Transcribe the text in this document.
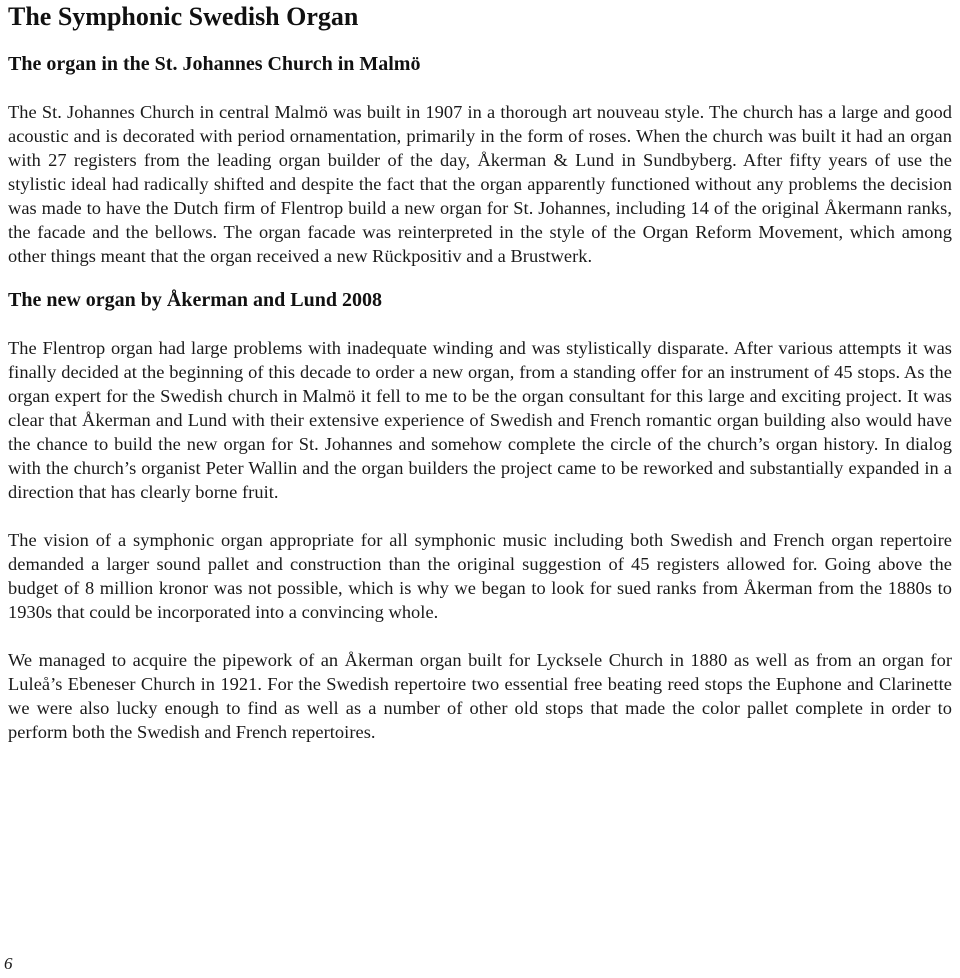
The Symphonic Swedish Organ
The organ in the St. Johannes Church in Malmö

The St. Johannes Church in central Malmö was built in 1907 in a thorough art nouveau style. The church has a large and good acoustic and is decorated with period ornamentation, primarily in the form of roses. When the church was built it had an organ with 27 registers from the leading organ builder of the day, Åkerman & Lund in Sundbyberg. After fifty years of use the stylistic ideal had radically shifted and despite the fact that the organ apparently functioned without any problems the decision was made to have the Dutch firm of Flentrop build a new organ for St. Johannes, including 14 of the original Åkermann ranks, the facade and the bellows. The organ facade was reinterpreted in the style of the Organ Reform Movement, which among other things meant that the organ received a new Rückpositiv and a Brustwerk.

The new organ by Åkerman and Lund 2008

The Flentrop organ had large problems with inadequate winding and was stylistically disparate. After various attempts it was finally decided at the beginning of this decade to order a new organ, from a standing offer for an instrument of 45 stops. As the organ expert for the Swedish church in Malmö it fell to me to be the organ consultant for this large and exciting project. It was clear that Åkerman and Lund with their extensive experience of Swedish and French romantic organ building also would have the chance to build the new organ for St. Johannes and somehow complete the circle of the church’s organ history. In dialog with the church’s organist Peter Wallin and the organ builders the project came to be reworked and substantially expanded in a direction that has clearly borne fruit.

The vision of a symphonic organ appropriate for all symphonic music including both Swedish and French organ repertoire demanded a larger sound pallet and construction than the original suggestion of 45 registers allowed for. Going above the budget of 8 million kronor was not possible, which is why we began to look for sued ranks from Åkerman from the 1880s to 1930s that could be incorporated into a convincing whole.

We managed to acquire the pipework of an Åkerman organ built for Lycksele Church in 1880 as well as from an organ for Luleå’s Ebeneser Church in 1921. For the Swedish repertoire two essential free beating reed stops the Euphone and Clarinette we were also lucky enough to find as well as a number of other old stops that made the color pallet complete in order to perform both the Swedish and French repertoires.

6
